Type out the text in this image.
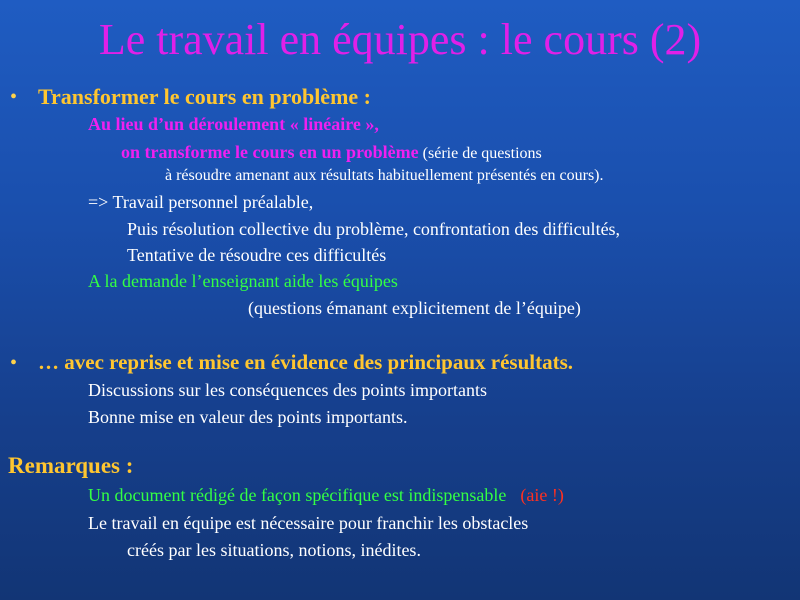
Le travail en équipes : le cours (2)
• Transformer le cours en problème :
Au lieu d’un déroulement « linéaire »,
on transforme le cours en un problème (série de questions
à résoudre amenant aux résultats habituellement présentés en cours).
=> Travail personnel préalable,
Puis résolution collective du problème, confrontation des difficultés,
Tentative de résoudre ces difficultés
A la demande l’enseignant aide les équipes
(questions émanant explicitement de l’équipe)
• … avec reprise et mise en évidence des principaux résultats.
Discussions sur les conséquences des points importants
Bonne mise en valeur des points importants.
Remarques :
Un document rédigé de façon spécifique est indispensable (aie !)
Le travail en équipe est nécessaire pour franchir les obstacles
créés par les situations, notions, inédites.
